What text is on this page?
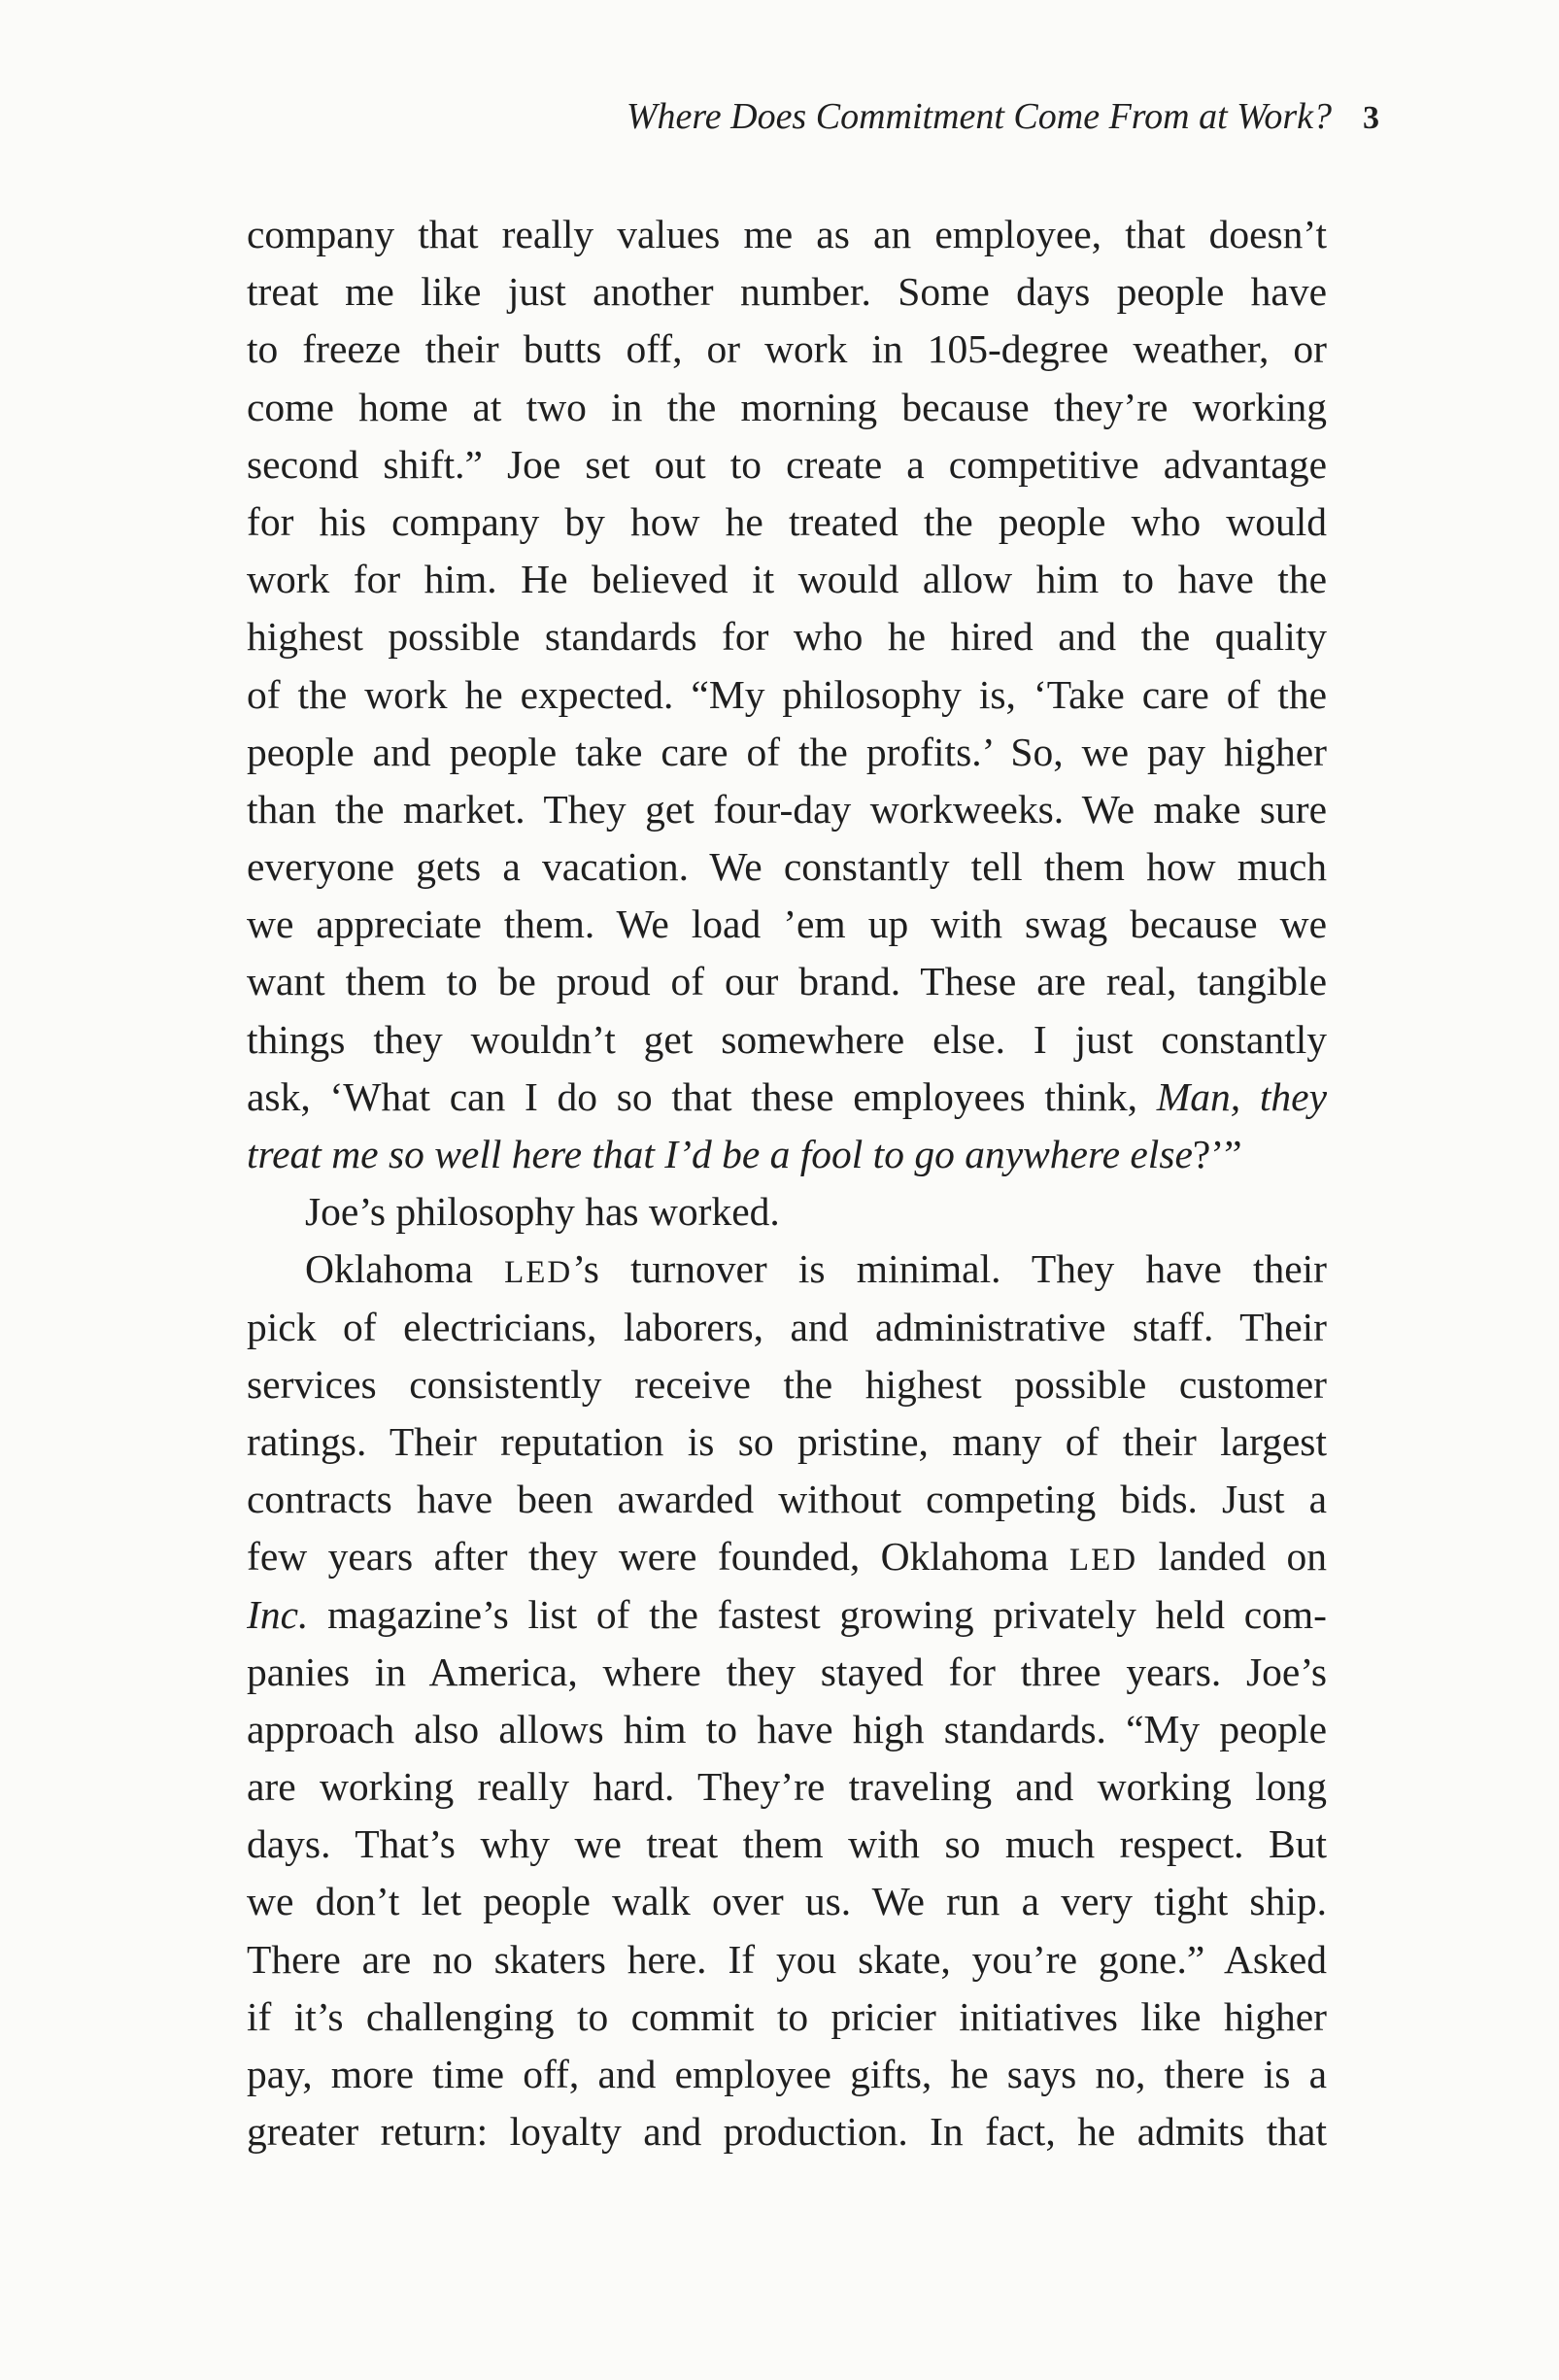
Where Does Commitment Come From at Work? 3
company that really values me as an employee, that doesn’t
treat me like just another number. Some days people have
to freeze their butts off, or work in 105-degree weather, or
come home at two in the morning because they’re working
second shift.” Joe set out to create a competitive advantage
for his company by how he treated the people who would
work for him. He believed it would allow him to have the
highest possible standards for who he hired and the quality
of the work he expected. “My philosophy is, ‘Take care of the
people and people take care of the profits.’ So, we pay higher
than the market. They get four-day workweeks. We make sure
everyone gets a vacation. We constantly tell them how much
we appreciate them. We load ’em up with swag because we
want them to be proud of our brand. These are real, tangible
things they wouldn’t get somewhere else. I just constantly
ask, ‘What can I do so that these employees think, Man, they
treat me so well here that I’d be a fool to go anywhere else?’”
Joe’s philosophy has worked.
Oklahoma LED’s turnover is minimal. They have their
pick of electricians, laborers, and administrative staff. Their
services consistently receive the highest possible customer
ratings. Their reputation is so pristine, many of their largest
contracts have been awarded without competing bids. Just a
few years after they were founded, Oklahoma LED landed on
Inc. magazine’s list of the fastest growing privately held com-
panies in America, where they stayed for three years. Joe’s
approach also allows him to have high standards. “My people
are working really hard. They’re traveling and working long
days. That’s why we treat them with so much respect. But
we don’t let people walk over us. We run a very tight ship.
There are no skaters here. If you skate, you’re gone.” Asked
if it’s challenging to commit to pricier initiatives like higher
pay, more time off, and employee gifts, he says no, there is a
greater return: loyalty and production. In fact, he admits that
